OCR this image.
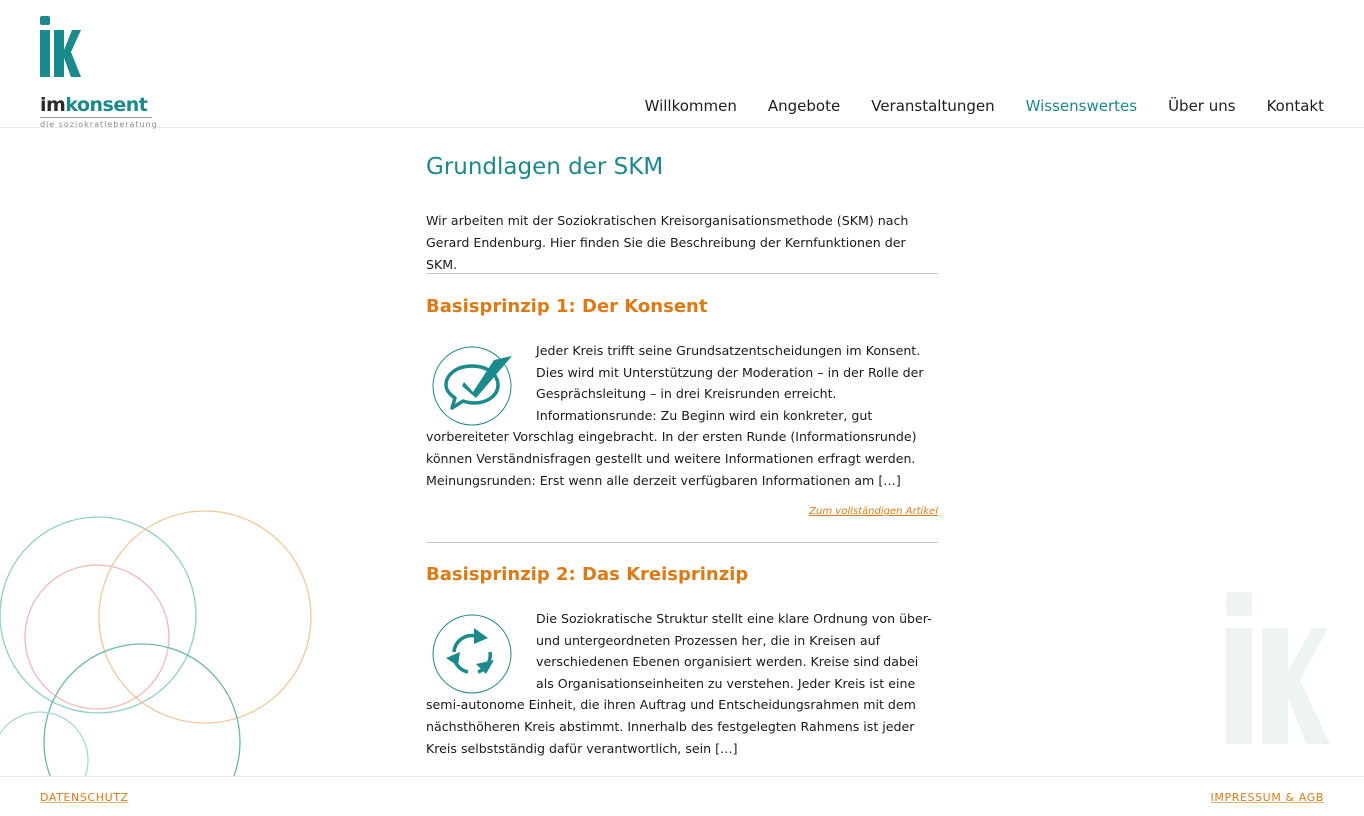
imkonsent
die soziokratieberatung
Willkommen Angebote Veranstaltungen Wissenswertes Über uns Kontakt
Grundlagen der SKM

Wir arbeiten mit der Soziokratischen Kreisorganisationsmethode (SKM) nach Gerard Endenburg. Hier finden Sie die Beschreibung der Kernfunktionen der SKM.

Basisprinzip 1: Der Konsent
Jeder Kreis trifft seine Grundsatzentscheidungen im Konsent. Dies wird mit Unterstützung der Moderation – in der Rolle der Gesprächsleitung – in drei Kreisrunden erreicht. Informationsrunde: Zu Beginn wird ein konkreter, gut vorbereiteter Vorschlag eingebracht. In der ersten Runde (Informationsrunde) können Verständnisfragen gestellt und weitere Informationen erfragt werden. Meinungsrunden: Erst wenn alle derzeit verfügbaren Informationen am […]
Zum vollständigen Artikel
Basisprinzip 2: Das Kreisprinzip
Die Soziokratische Struktur stellt eine klare Ordnung von über- und untergeordneten Prozessen her, die in Kreisen auf verschiedenen Ebenen organisiert werden. Kreise sind dabei als Organisationseinheiten zu verstehen. Jeder Kreis ist eine semi-autonome Einheit, die ihren Auftrag und Entscheidungsrahmen mit dem nächsthöheren Kreis abstimmt. Innerhalb des festgelegten Rahmens ist jeder Kreis selbstständig dafür verantwortlich, sein […]
DATENSCHUTZ	IMPRESSUM & AGB
